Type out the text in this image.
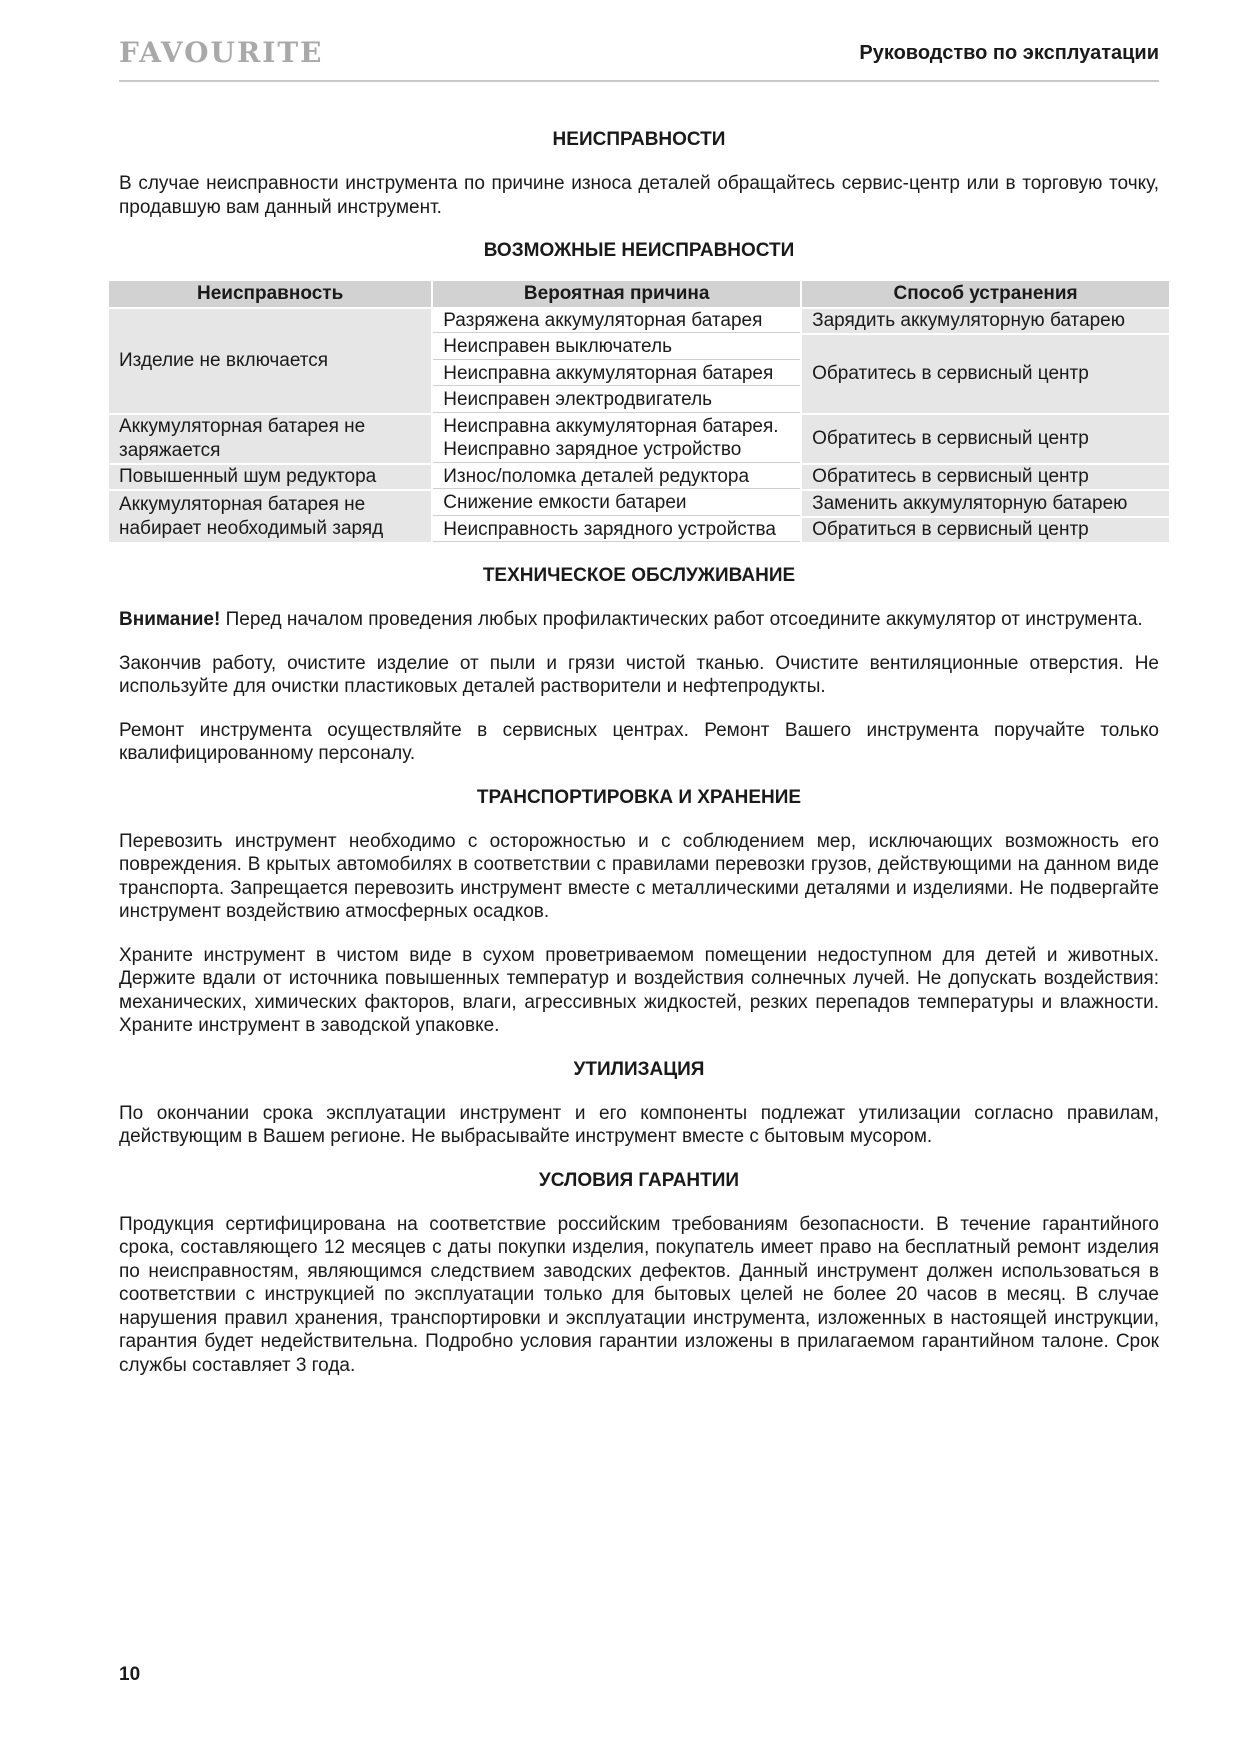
FAVOURITE	Руководство по эксплуатации
НЕИСПРАВНОСТИ

В случае неисправности инструмента по причине износа деталей обращайтесь сервис-центр или в торговую точку, продавшую вам данный инструмент.

ВОЗМОЖНЫЕ НЕИСПРАВНОСТИ
Неисправность	Вероятная причина	Способ устранения
Изделие не включается	Разряжена аккумуляторная батарея	Зарядить аккумуляторную батарею
	Неисправен выключатель	Обратитесь в сервисный центр
	Неисправна аккумуляторная батарея	
	Неисправен электродвигатель	
Аккумуляторная батарея не заряжается	Неисправна аккумуляторная батарея. Неисправно зарядное устройство	Обратитесь в сервисный центр
Повышенный шум редуктора	Износ/поломка деталей редуктора	Обратитесь в сервисный центр
Аккумуляторная батарея не набирает необходимый заряд	Снижение емкости батареи	Заменить аккумуляторную батарею
	Неисправность зарядного устройства	Обратиться в сервисный центр
ТЕХНИЧЕСКОЕ ОБСЛУЖИВАНИЕ

Внимание! Перед началом проведения любых профилактических работ отсоедините аккумулятор от инструмента.

Закончив работу, очистите изделие от пыли и грязи чистой тканью. Очистите вентиляционные отверстия. Не используйте для очистки пластиковых деталей растворители и нефтепродукты.

Ремонт инструмента осуществляйте в сервисных центрах. Ремонт Вашего инструмента поручайте только квалифицированному персоналу.

ТРАНСПОРТИРОВКА И ХРАНЕНИЕ

Перевозить инструмент необходимо с осторожностью и с соблюдением мер, исключающих возможность его повреждения. В крытых автомобилях в соответствии с правилами перевозки грузов, действующими на данном виде транспорта. Запрещается перевозить инструмент вместе с металлическими деталями и изделиями. Не подвергайте инструмент воздействию атмосферных осадков.

Храните инструмент в чистом виде в сухом проветриваемом помещении недоступном для детей и животных. Держите вдали от источника повышенных температур и воздействия солнечных лучей. Не допускать воздействия: механических, химических факторов, влаги, агрессивных жидкостей, резких перепадов температуры и влажности. Храните инструмент в заводской упаковке.

УТИЛИЗАЦИЯ

По окончании срока эксплуатации инструмент и его компоненты подлежат утилизации согласно правилам, действующим в Вашем регионе. Не выбрасывайте инструмент вместе с бытовым мусором.

УСЛОВИЯ ГАРАНТИИ

Продукция сертифицирована на соответствие российским требованиям безопасности. В течение гарантийного срока, составляющего 12 месяцев с даты покупки изделия, покупатель имеет право на бесплатный ремонт изделия по неисправностям, являющимся следствием заводских дефектов. Данный инструмент должен использоваться в соответствии с инструкцией по эксплуатации только для бытовых целей не более 20 часов в месяц. В случае нарушения правил хранения, транспортировки и эксплуатации инструмента, изложенных в настоящей инструкции, гарантия будет недействительна. Подробно условия гарантии изложены в прилагаемом гарантийном талоне. Срок службы составляет 3 года.

10
